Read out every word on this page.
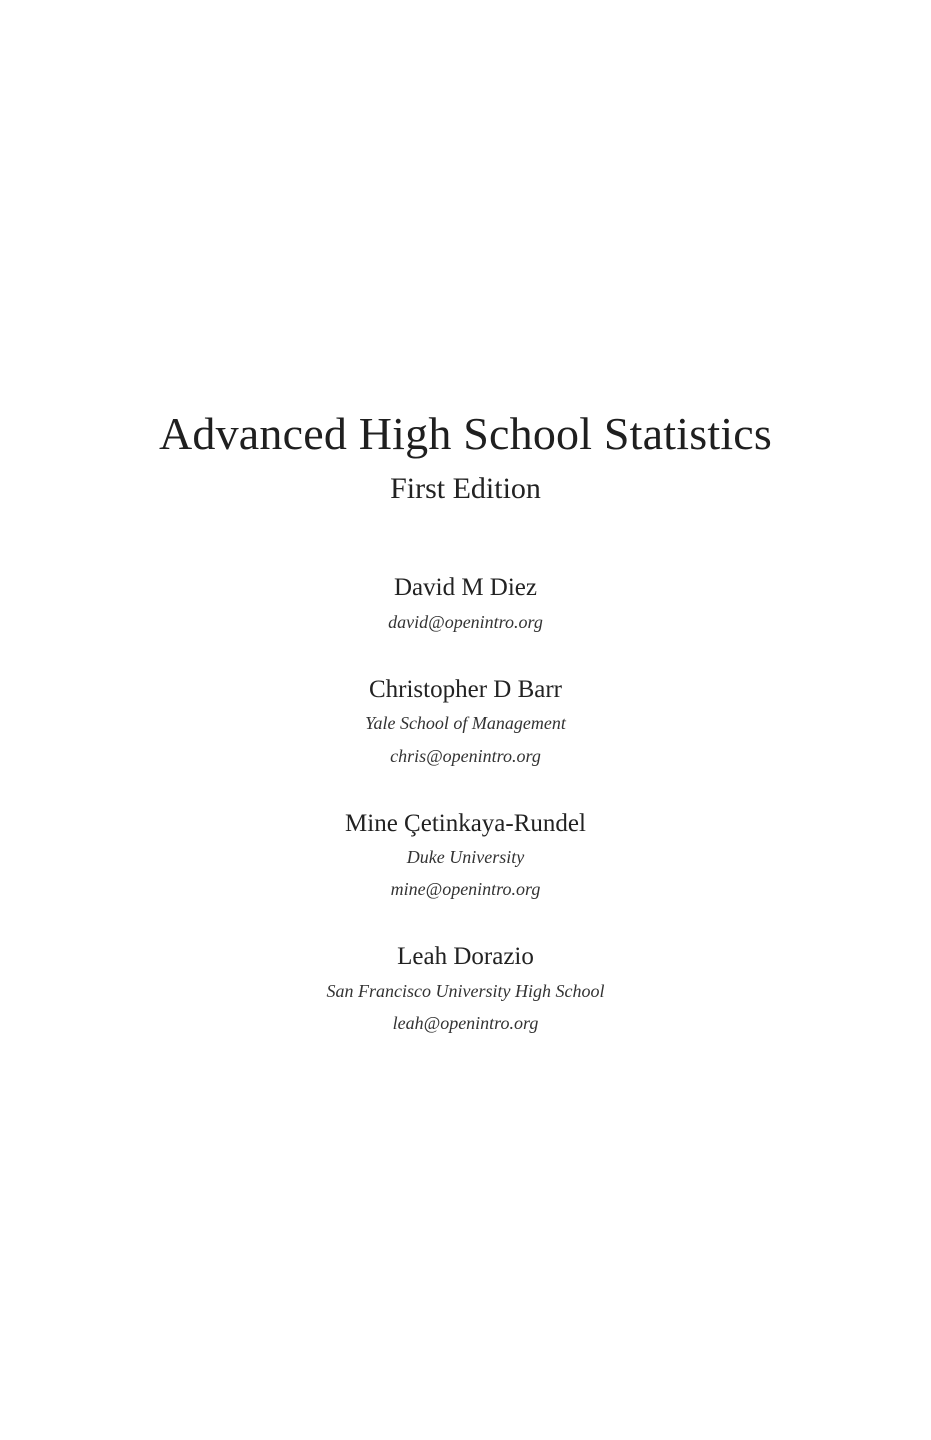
Advanced High School Statistics
First Edition
David M Diez
david@openintro.org
Christopher D Barr
Yale School of Management
chris@openintro.org
Mine Çetinkaya-Rundel
Duke University
mine@openintro.org
Leah Dorazio
San Francisco University High School
leah@openintro.org
